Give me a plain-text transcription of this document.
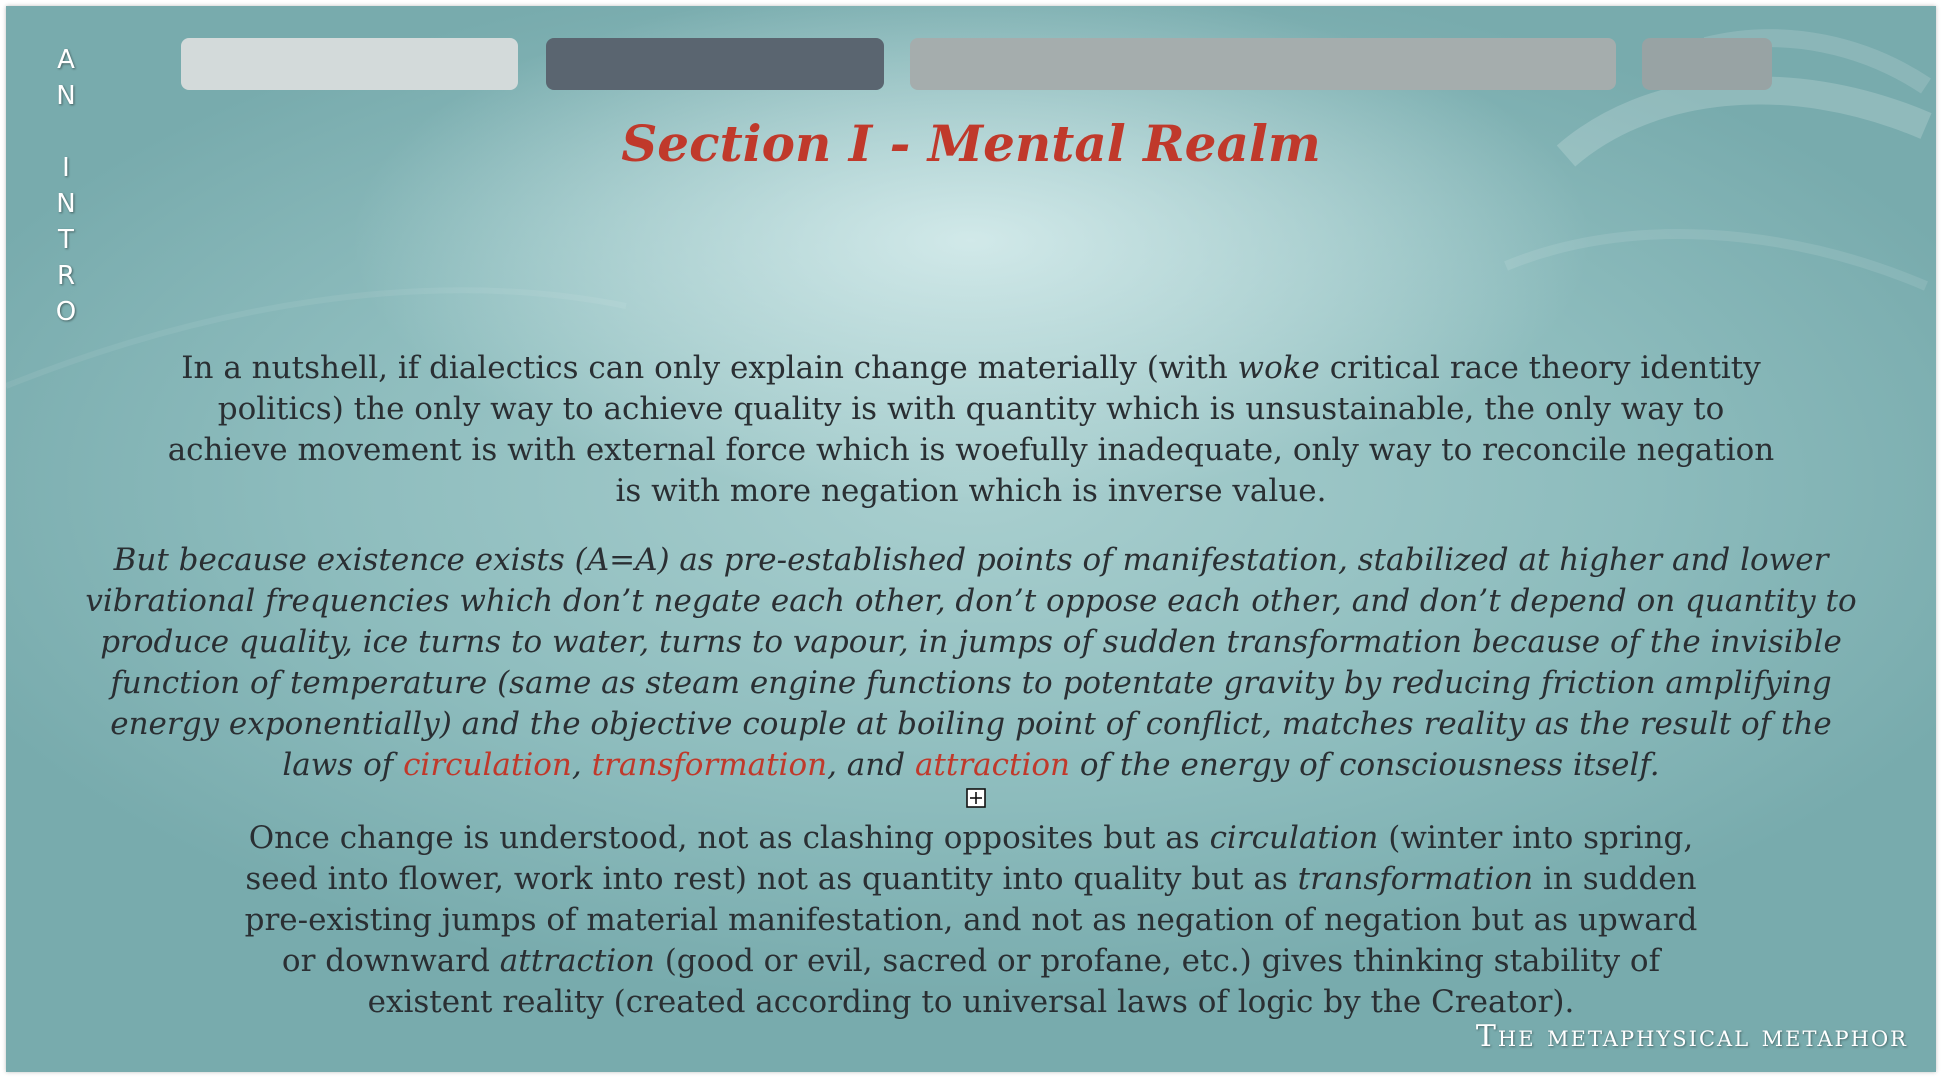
A
N
I
N
T
R
O
Section I - Mental Realm

In a nutshell, if dialectics can only explain change materially (with woke critical race theory identity politics) the only way to achieve quality is with quantity which is unsustainable, the only way to achieve movement is with external force which is woefully inadequate, only way to reconcile negation is with more negation which is inverse value.

But because existence exists (A=A) as pre-established points of manifestation, stabilized at higher and lower vibrational frequencies which don’t negate each other, don’t oppose each other, and don’t depend on quantity to produce quality, ice turns to water, turns to vapour, in jumps of sudden transformation because of the invisible function of temperature (same as steam engine functions to potentate gravity by reducing friction amplifying energy exponentially) and the objective couple at boiling point of conflict, matches reality as the result of the laws of circulation, transformation, and attraction of the energy of consciousness itself.

Once change is understood, not as clashing opposites but as circulation (winter into spring, seed into flower, work into rest) not as quantity into quality but as transformation in sudden pre-existing jumps of material manifestation, and not as negation of negation but as upward or downward attraction (good or evil, sacred or profane, etc.) gives thinking stability of existent reality (created according to universal laws of logic by the Creator).

The metaphysical metaphor
